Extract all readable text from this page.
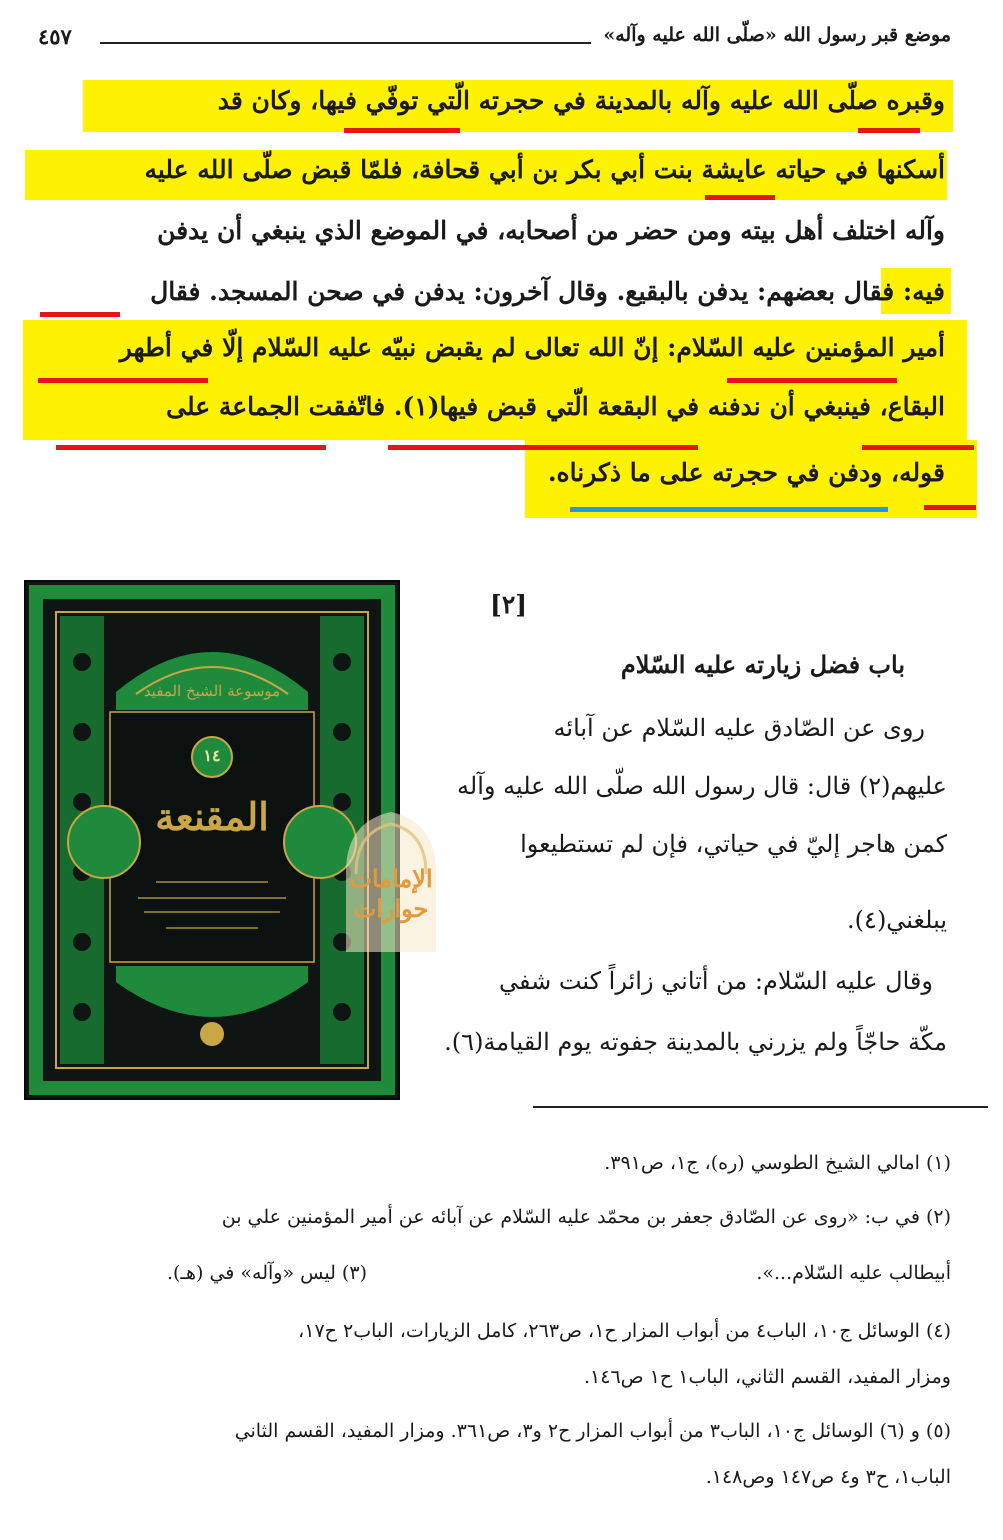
موضع قبر رسول الله «صلّى الله عليه وآله»
٤٥٧
وقبره صلّى الله عليه وآله بالمدينة في حجرته الّتي توفّي فيها، وكان قد
أسكنها في حياته عايشة بنت أبي بكر بن أبي قحافة، فلمّا قبض صلّى الله عليه
وآله اختلف أهل بيته ومن حضر من أصحابه، في الموضع الذي ينبغي أن يدفن
فيه: فقال بعضهم: يدفن بالبقيع. وقال آخرون: يدفن في صحن المسجد. فقال
أمير المؤمنين عليه السّلام: إنّ الله تعالى لم يقبض نبيّه عليه السّلام إلّا في أطهر
البقاع، فينبغي أن ندفنه في البقعة الّتي قبض فيها(١). فاتّفقت الجماعة على
قوله، ودفن في حجرته على ما ذكرناه.
[٢]
باب فضل زيارته عليه السّلام
روى عن الصّادق عليه السّلام عن آبائه
عليهم(٢) قال: قال رسول الله صلّى الله عليه وآله
كمن هاجر إليّ في حياتي، فإن لم تستطيعوا
يبلغني(٤).
وقال عليه السّلام: من أتاني زائراً كنت شفي
مكّة حاجّاً ولم يزرني بالمدينة جفوته يوم القيامة(٦).
موسوعة الشيخ المفيد
١٤
المقنعة
الإمامات حوارات
(١) امالي الشيخ الطوسي (ره)، ج١، ص٣٩١.
(٢) في ب: «روى عن الصّادق جعفر بن محمّد عليه السّلام عن آبائه عن أمير المؤمنين علي بن
أبيطالب عليه السّلام...».
(٣) ليس «وآله» في (هـ).
(٤) الوسائل ج١٠، الباب٤ من أبواب المزار ح١، ص٢٦٣، كامل الزيارات، الباب٢ ح١٧،
ومزار المفيد، القسم الثاني، الباب١ ح١ ص١٤٦.
(٥) و (٦) الوسائل ج١٠، الباب٣ من أبواب المزار ح٢ و٣، ص٣٦١. ومزار المفيد، القسم الثاني
الباب١، ح٣ و٤ ص١٤٧ وص١٤٨.
